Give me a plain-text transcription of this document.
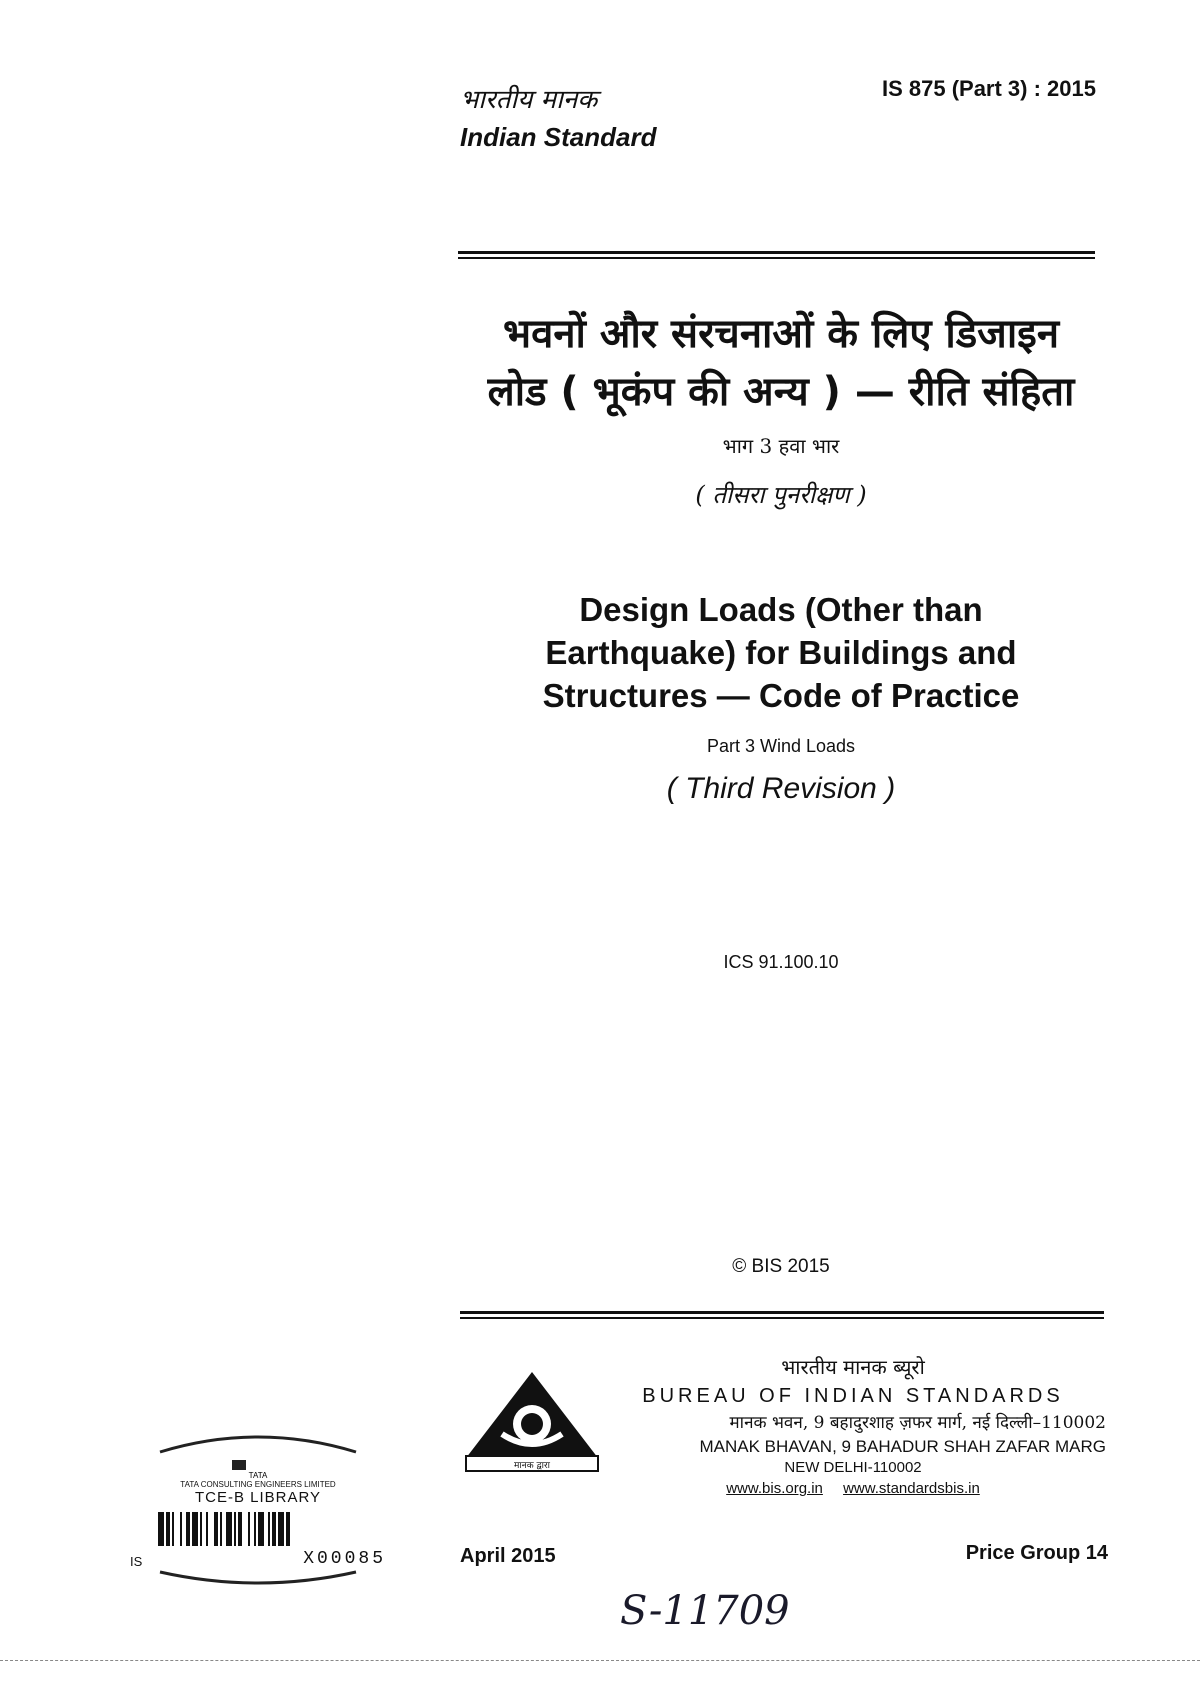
भारतीय मानक
Indian Standard
IS 875 (Part 3) : 2015
भवनों और संरचनाओं के लिए डिजाइन
लोड ( भूकंप की अन्य ) — रीति संहिता
भाग 3 हवा भार
( तीसरा पुनरीक्षण )
Design Loads (Other than
Earthquake) for Buildings and
Structures — Code of Practice
Part 3 Wind Loads
( Third Revision )
ICS 91.100.10
© BIS 2015
मानक द्वारा
भारतीय मानक ब्यूरो
BUREAU OF INDIAN STANDARDS
मानक भवन, 9 बहादुरशाह ज़फर मार्ग, नई दिल्ली–110002
MANAK BHAVAN, 9 BAHADUR SHAH ZAFAR MARG
NEW DELHI-110002
www.bis.org.in www.standardsbis.in
April 2015	Price Group 14
S-11709
TATA
TATA CONSULTING ENGINEERS LIMITED
TCE-B LIBRARY
IS	X00085
